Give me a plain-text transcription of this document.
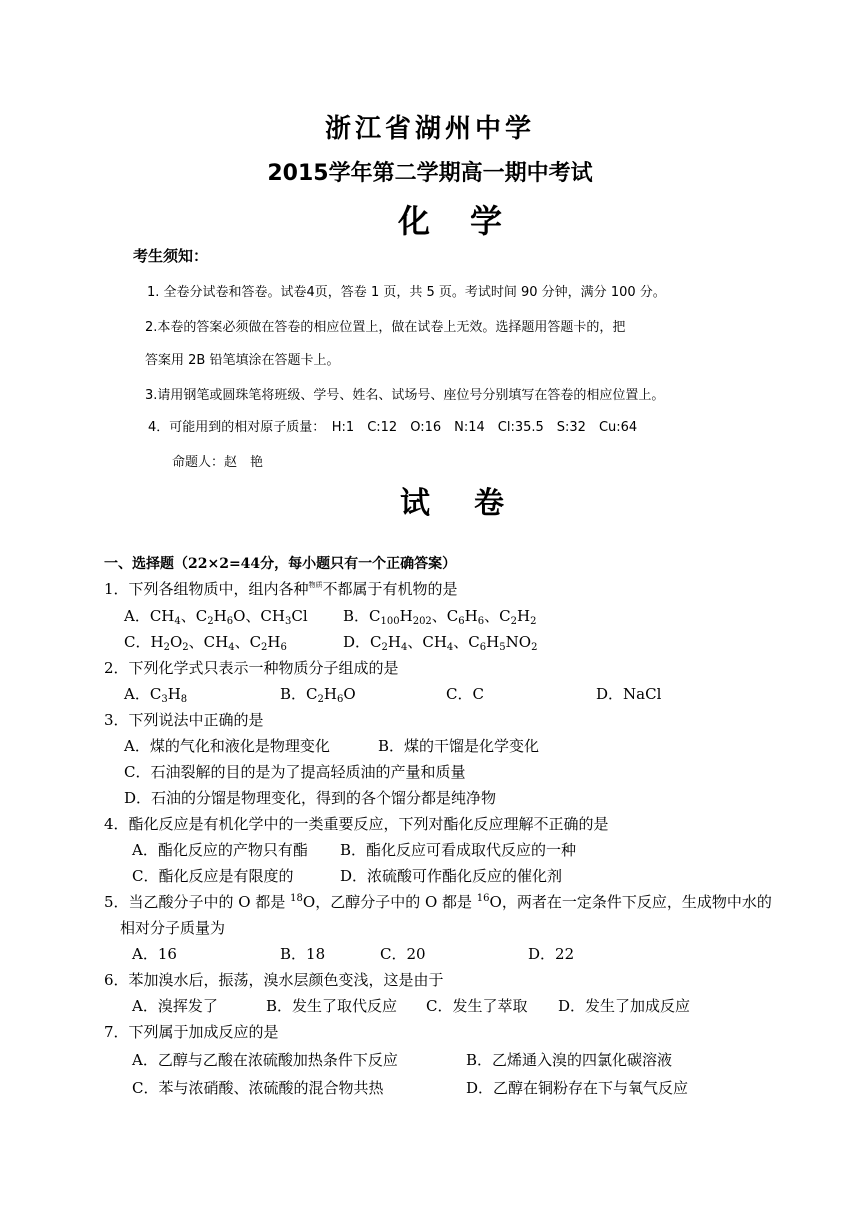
浙江省湖州中学
2015学年第二学期高一期中考试
化学
考生须知：
1. 全卷分试卷和答卷。试卷4页，答卷 1 页，共 5 页。考试时间 90 分钟，满分 100 分。
2.本卷的答案必须做在答卷的相应位置上，做在试卷上无效。选择题用答题卡的，把
答案用 2B 铅笔填涂在答题卡上。
3.请用钢笔或圆珠笔将班级、学号、姓名、试场号、座位号分别填写在答卷的相应位置上。
4．可能用到的相对原子质量：　H:1　C:12　O:16　N:14　Cl:35.5　S:32　Cu:64
命题人：赵　艳
试卷
一、选择题（22×2=44分，每小题只有一个正确答案）
1．下列各组物质中，组内各种$^{物质}$不都属于有机物的是
A．$CH_4$、$C_2H_6O$、$CH_3Cl$ B．$C_{100}H_{202}$、$C_6H_6$、$C_2H_2$
C．$H_2O_2$、$CH_4$、$C_2H_6$	D．$C_2H_4$、$CH_4$、$C_6H_5NO_2$
2．下列化学式只表示一种物质分子组成的是
A．$C_3H_8$	B．$C_2H_6O$	C．C	D．NaCl
3．下列说法中正确的是
A．煤的气化和液化是物理变化	B．煤的干馏是化学变化
C．石油裂解的目的是为了提高轻质油的产量和质量
D．石油的分馏是物理变化，得到的各个馏分都是纯净物
4．酯化反应是有机化学中的一类重要反应，下列对酯化反应理解不正确的是
A．酯化反应的产物只有酯 B．酯化反应可看成取代反应的一种
C．酯化反应是有限度的	D．浓硫酸可作酯化反应的催化剂
5．当乙酸分子中的 O 都是 $^{18}$O，乙醇分子中的 O 都是 $^{16}$O，两者在一定条件下反应，生成物中水的
相对分子质量为
A．16	B．18	C．20	D．22
6．苯加溴水后，振荡，溴水层颜色变浅，这是由于
A．溴挥发了	B．发生了取代反应 C．发生了萃取 D．发生了加成反应
7．下列属于加成反应的是
A．乙醇与乙酸在浓硫酸加热条件下反应	B．乙烯通入溴的四氯化碳溶液
C．苯与浓硝酸、浓硫酸的混合物共热	D．乙醇在铜粉存在下与氧气反应
